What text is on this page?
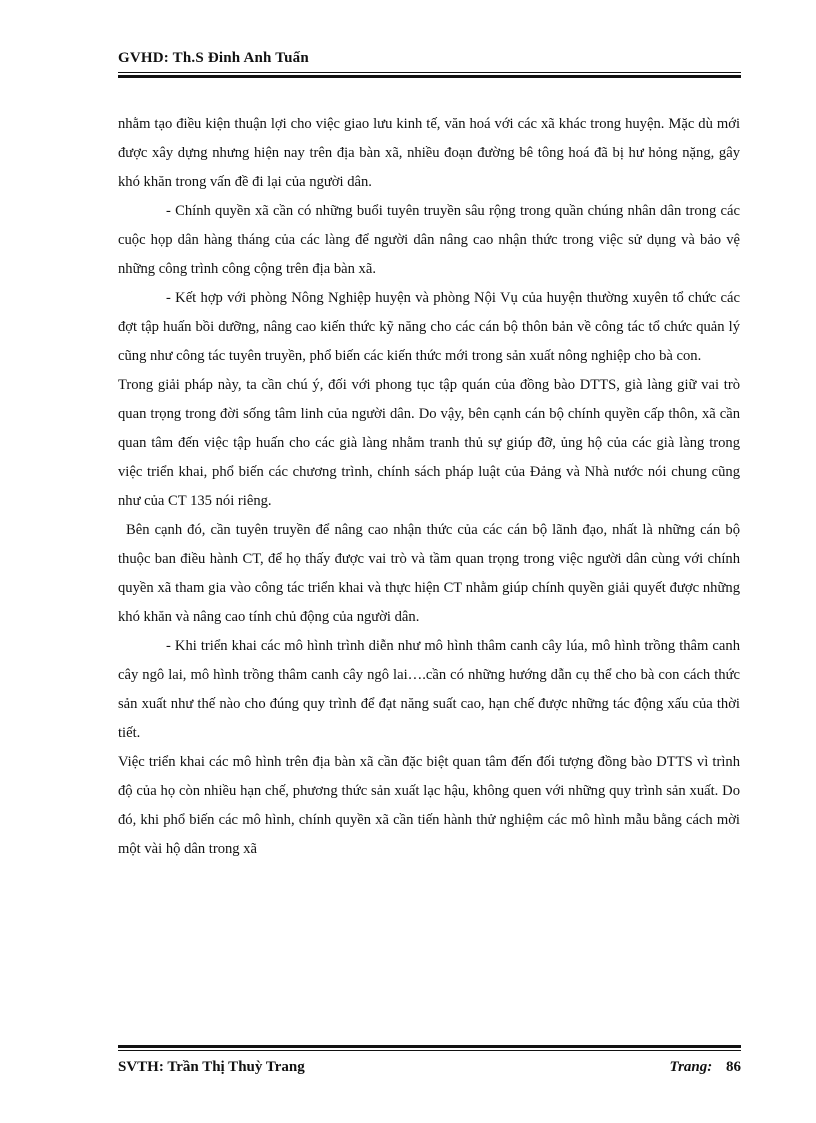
GVHD: Th.S Đinh Anh Tuấn

nhằm tạo điều kiện thuận lợi cho việc giao lưu kinh tế, văn hoá với các xã khác trong huyện. Mặc dù mới được xây dựng nhưng hiện nay trên địa bàn xã, nhiều đoạn đường bê tông hoá đã bị hư hỏng nặng, gây khó khăn trong vấn đề đi lại của người dân.

- Chính quyền xã cần có những buổi tuyên truyền sâu rộng trong quần chúng nhân dân trong các cuộc họp dân hàng tháng của các làng để người dân nâng cao nhận thức trong việc sử dụng và bảo vệ những công trình công cộng trên địa bàn xã.

- Kết hợp với phòng Nông Nghiệp huyện và phòng Nội Vụ của huyện thường xuyên tổ chức các đợt tập huấn bồi dưỡng, nâng cao kiến thức kỹ năng cho các cán bộ thôn bản về công tác tổ chức quản lý cũng như công tác tuyên truyền, phổ biến các kiến thức mới trong sản xuất nông nghiệp cho bà con.

Trong giải pháp này, ta cần chú ý, đối với phong tục tập quán của đồng bào DTTS, già làng giữ vai trò quan trọng trong đời sống tâm linh của người dân. Do vậy, bên cạnh cán bộ chính quyền cấp thôn, xã cần quan tâm đến việc tập huấn cho các già làng nhằm tranh thủ sự giúp đỡ, ủng hộ của các già làng trong việc triển khai, phổ biến các chương trình, chính sách pháp luật của Đảng và Nhà nước nói chung cũng như của CT 135 nói riêng.

Bên cạnh đó, cần tuyên truyền để nâng cao nhận thức của các cán bộ lãnh đạo, nhất là những cán bộ thuộc ban điều hành CT, để họ thấy được vai trò và tầm quan trọng trong việc người dân cùng với chính quyền xã tham gia vào công tác triển khai và thực hiện CT nhằm giúp chính quyền giải quyết được những khó khăn và nâng cao tính chủ động của người dân.

- Khi triển khai các mô hình trình diễn như mô hình thâm canh cây lúa, mô hình trồng thâm canh cây ngô lai, mô hình trồng thâm canh cây ngô lai….cần có những hướng dẫn cụ thể cho bà con cách thức sản xuất như thế nào cho đúng quy trình để đạt năng suất cao, hạn chế được những tác động xấu của thời tiết.

Việc triển khai các mô hình trên địa bàn xã cần đặc biệt quan tâm đến đối tượng đồng bào DTTS vì trình độ của họ còn nhiều hạn chế, phương thức sản xuất lạc hậu, không quen với những quy trình sản xuất. Do đó, khi phổ biến các mô hình, chính quyền xã cần tiến hành thử nghiệm các mô hình mẫu bằng cách mời một vài hộ dân trong xã

SVTH: Trần Thị Thuỳ Trang	Trang: 86
